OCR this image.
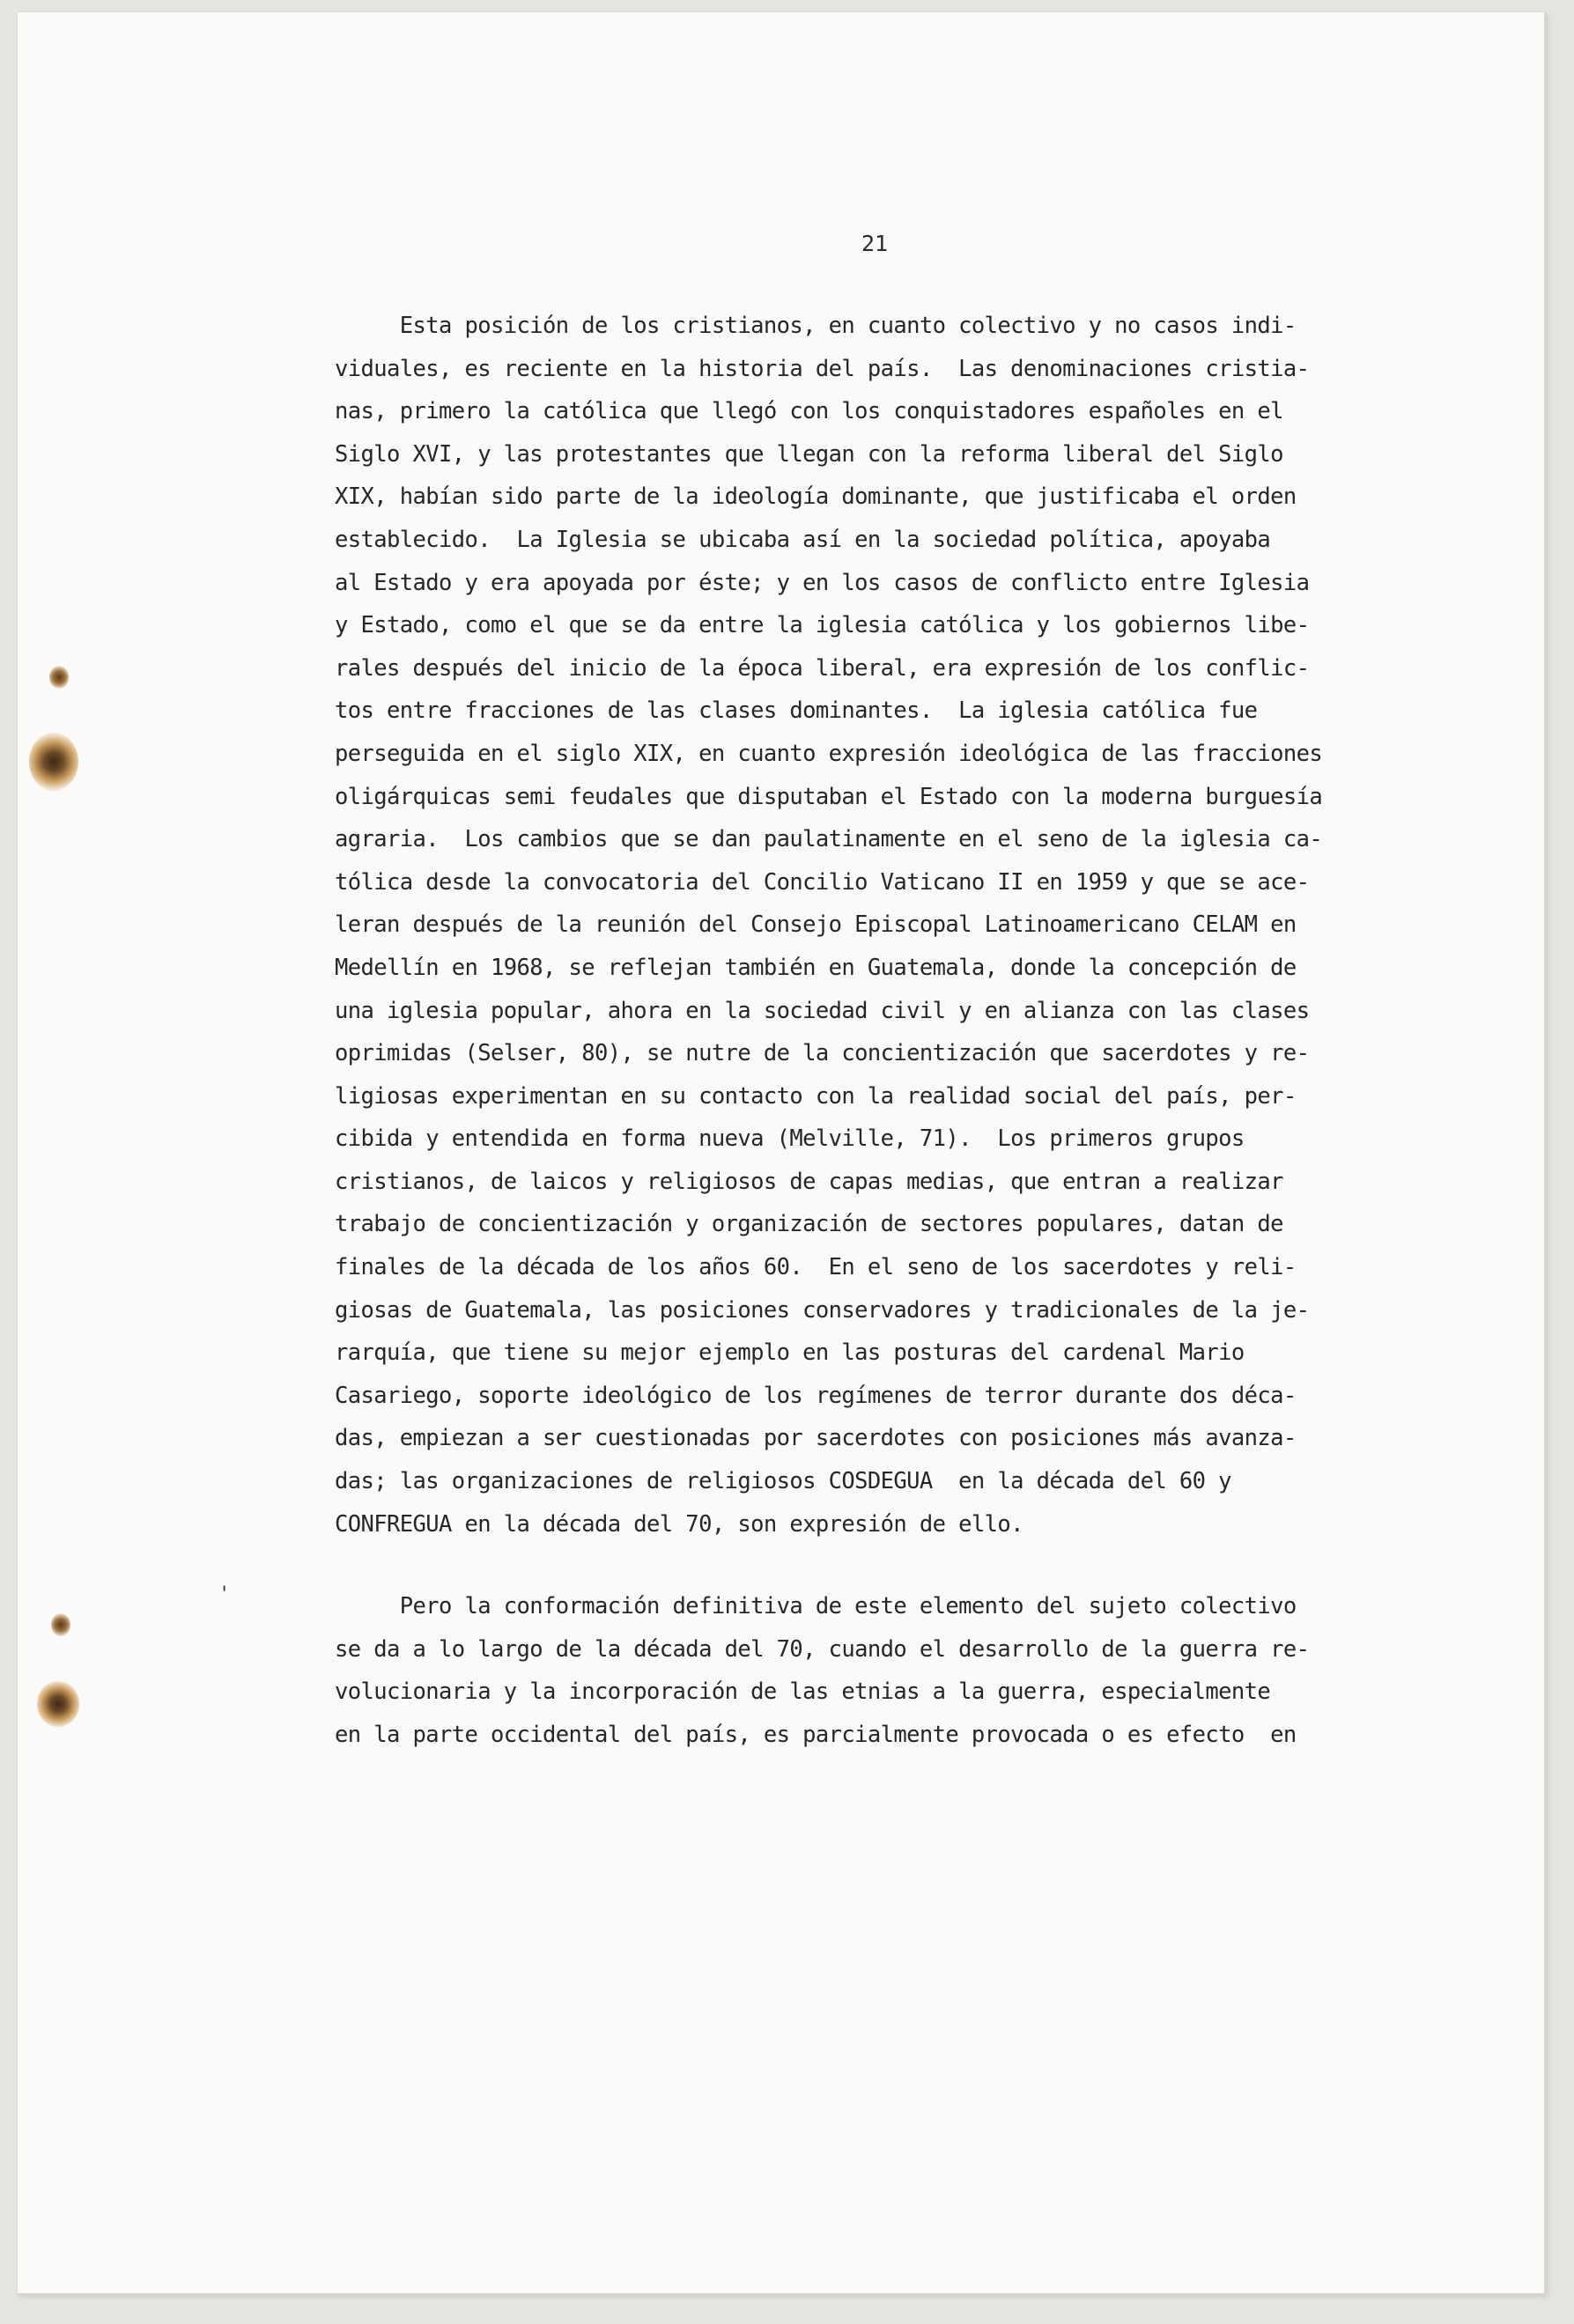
21
Esta posición de los cristianos, en cuanto colectivo y no casos indi-
viduales, es reciente en la historia del país.  Las denominaciones cristia-
nas, primero la católica que llegó con los conquistadores españoles en el
Siglo XVI, y las protestantes que llegan con la reforma liberal del Siglo
XIX, habían sido parte de la ideología dominante, que justificaba el orden
establecido.  La Iglesia se ubicaba así en la sociedad política, apoyaba
al Estado y era apoyada por éste; y en los casos de conflicto entre Iglesia
y Estado, como el que se da entre la iglesia católica y los gobiernos libe-
rales después del inicio de la época liberal, era expresión de los conflic-
tos entre fracciones de las clases dominantes.  La iglesia católica fue
perseguida en el siglo XIX, en cuanto expresión ideológica de las fracciones
oligárquicas semi feudales que disputaban el Estado con la moderna burguesía
agraria.  Los cambios que se dan paulatinamente en el seno de la iglesia ca-
tólica desde la convocatoria del Concilio Vaticano II en 1959 y que se ace-
leran después de la reunión del Consejo Episcopal Latinoamericano CELAM en
Medellín en 1968, se reflejan también en Guatemala, donde la concepción de
una iglesia popular, ahora en la sociedad civil y en alianza con las clases
oprimidas (Selser, 80), se nutre de la concientización que sacerdotes y re-
ligiosas experimentan en su contacto con la realidad social del país, per-
cibida y entendida en forma nueva (Melville, 71).  Los primeros grupos
cristianos, de laicos y religiosos de capas medias, que entran a realizar
trabajo de concientización y organización de sectores populares, datan de
finales de la década de los años 60.  En el seno de los sacerdotes y reli-
giosas de Guatemala, las posiciones conservadores y tradicionales de la je-
rarquía, que tiene su mejor ejemplo en las posturas del cardenal Mario
Casariego, soporte ideológico de los regímenes de terror durante dos déca-
das, empiezan a ser cuestionadas por sacerdotes con posiciones más avanza-
das; las organizaciones de religiosos COSDEGUA  en la década del 60 y
CONFREGUA en la década del 70, son expresión de ello.
Pero la conformación definitiva de este elemento del sujeto colectivo
se da a lo largo de la década del 70, cuando el desarrollo de la guerra re-
volucionaria y la incorporación de las etnias a la guerra, especialmente
en la parte occidental del país, es parcialmente provocada o es efecto  en
'
